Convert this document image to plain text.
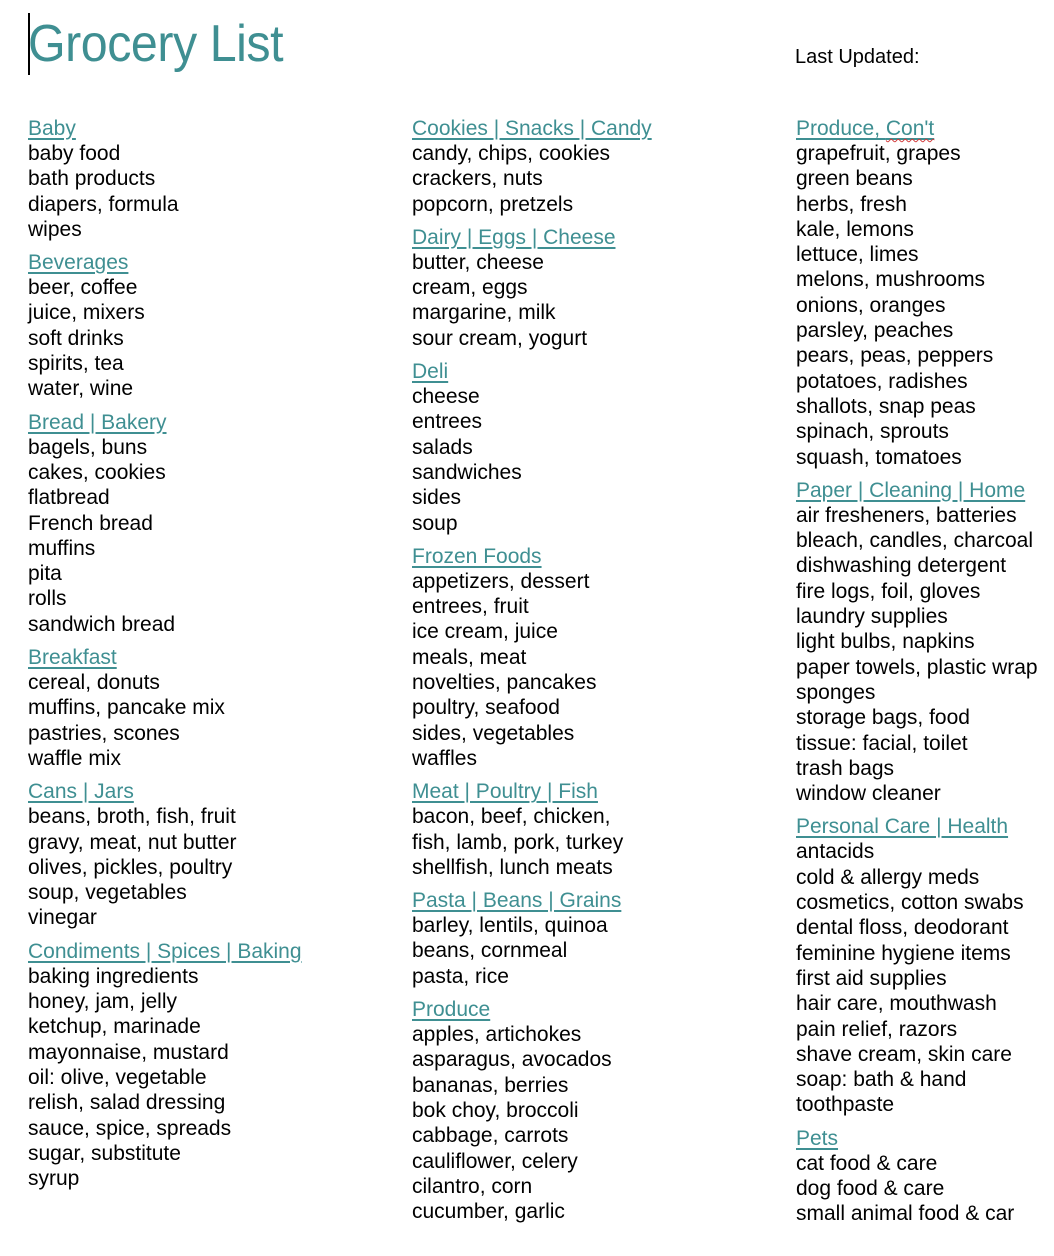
Grocery List	Last Updated:
Baby
baby food
bath products
diapers, formula
wipes
Beverages
beer, coffee
juice, mixers
soft drinks
spirits, tea
water, wine
Bread | Bakery
bagels, buns
cakes, cookies
flatbread
French bread
muffins
pita
rolls
sandwich bread
Breakfast
cereal, donuts
muffins, pancake mix
pastries, scones
waffle mix
Cans | Jars
beans, broth, fish, fruit
gravy, meat, nut butter
olives, pickles, poultry
soup, vegetables
vinegar
Condiments | Spices | Baking
baking ingredients
honey, jam, jelly
ketchup, marinade
mayonnaise, mustard
oil: olive, vegetable
relish, salad dressing
sauce, spice, spreads
sugar, substitute
syrup
Cookies | Snacks | Candy
candy, chips, cookies
crackers, nuts
popcorn, pretzels
Dairy | Eggs | Cheese
butter, cheese
cream, eggs
margarine, milk
sour cream, yogurt
Deli
cheese
entrees
salads
sandwiches
sides
soup
Frozen Foods
appetizers, dessert
entrees, fruit
ice cream, juice
meals, meat
novelties, pancakes
poultry, seafood
sides, vegetables
waffles
Meat | Poultry | Fish
bacon, beef, chicken,
fish, lamb, pork, turkey
shellfish, lunch meats
Pasta | Beans | Grains
barley, lentils, quinoa
beans, cornmeal
pasta, rice
Produce
apples, artichokes
asparagus, avocados
bananas, berries
bok choy, broccoli
cabbage, carrots
cauliflower, celery
cilantro, corn
cucumber, garlic
Produce, Con't
grapefruit, grapes
green beans
herbs, fresh
kale, lemons
lettuce, limes
melons, mushrooms
onions, oranges
parsley, peaches
pears, peas, peppers
potatoes, radishes
shallots, snap peas
spinach, sprouts
squash, tomatoes
Paper | Cleaning | Home
air fresheners, batteries
bleach, candles, charcoal
dishwashing detergent
fire logs, foil, gloves
laundry supplies
light bulbs, napkins
paper towels, plastic wrap
sponges
storage bags, food
tissue: facial, toilet
trash bags
window cleaner
Personal Care | Health
antacids
cold & allergy meds
cosmetics, cotton swabs
dental floss, deodorant
feminine hygiene items
first aid supplies
hair care, mouthwash
pain relief, razors
shave cream, skin care
soap: bath & hand
toothpaste
Pets
cat food & care
dog food & care
small animal food & car
